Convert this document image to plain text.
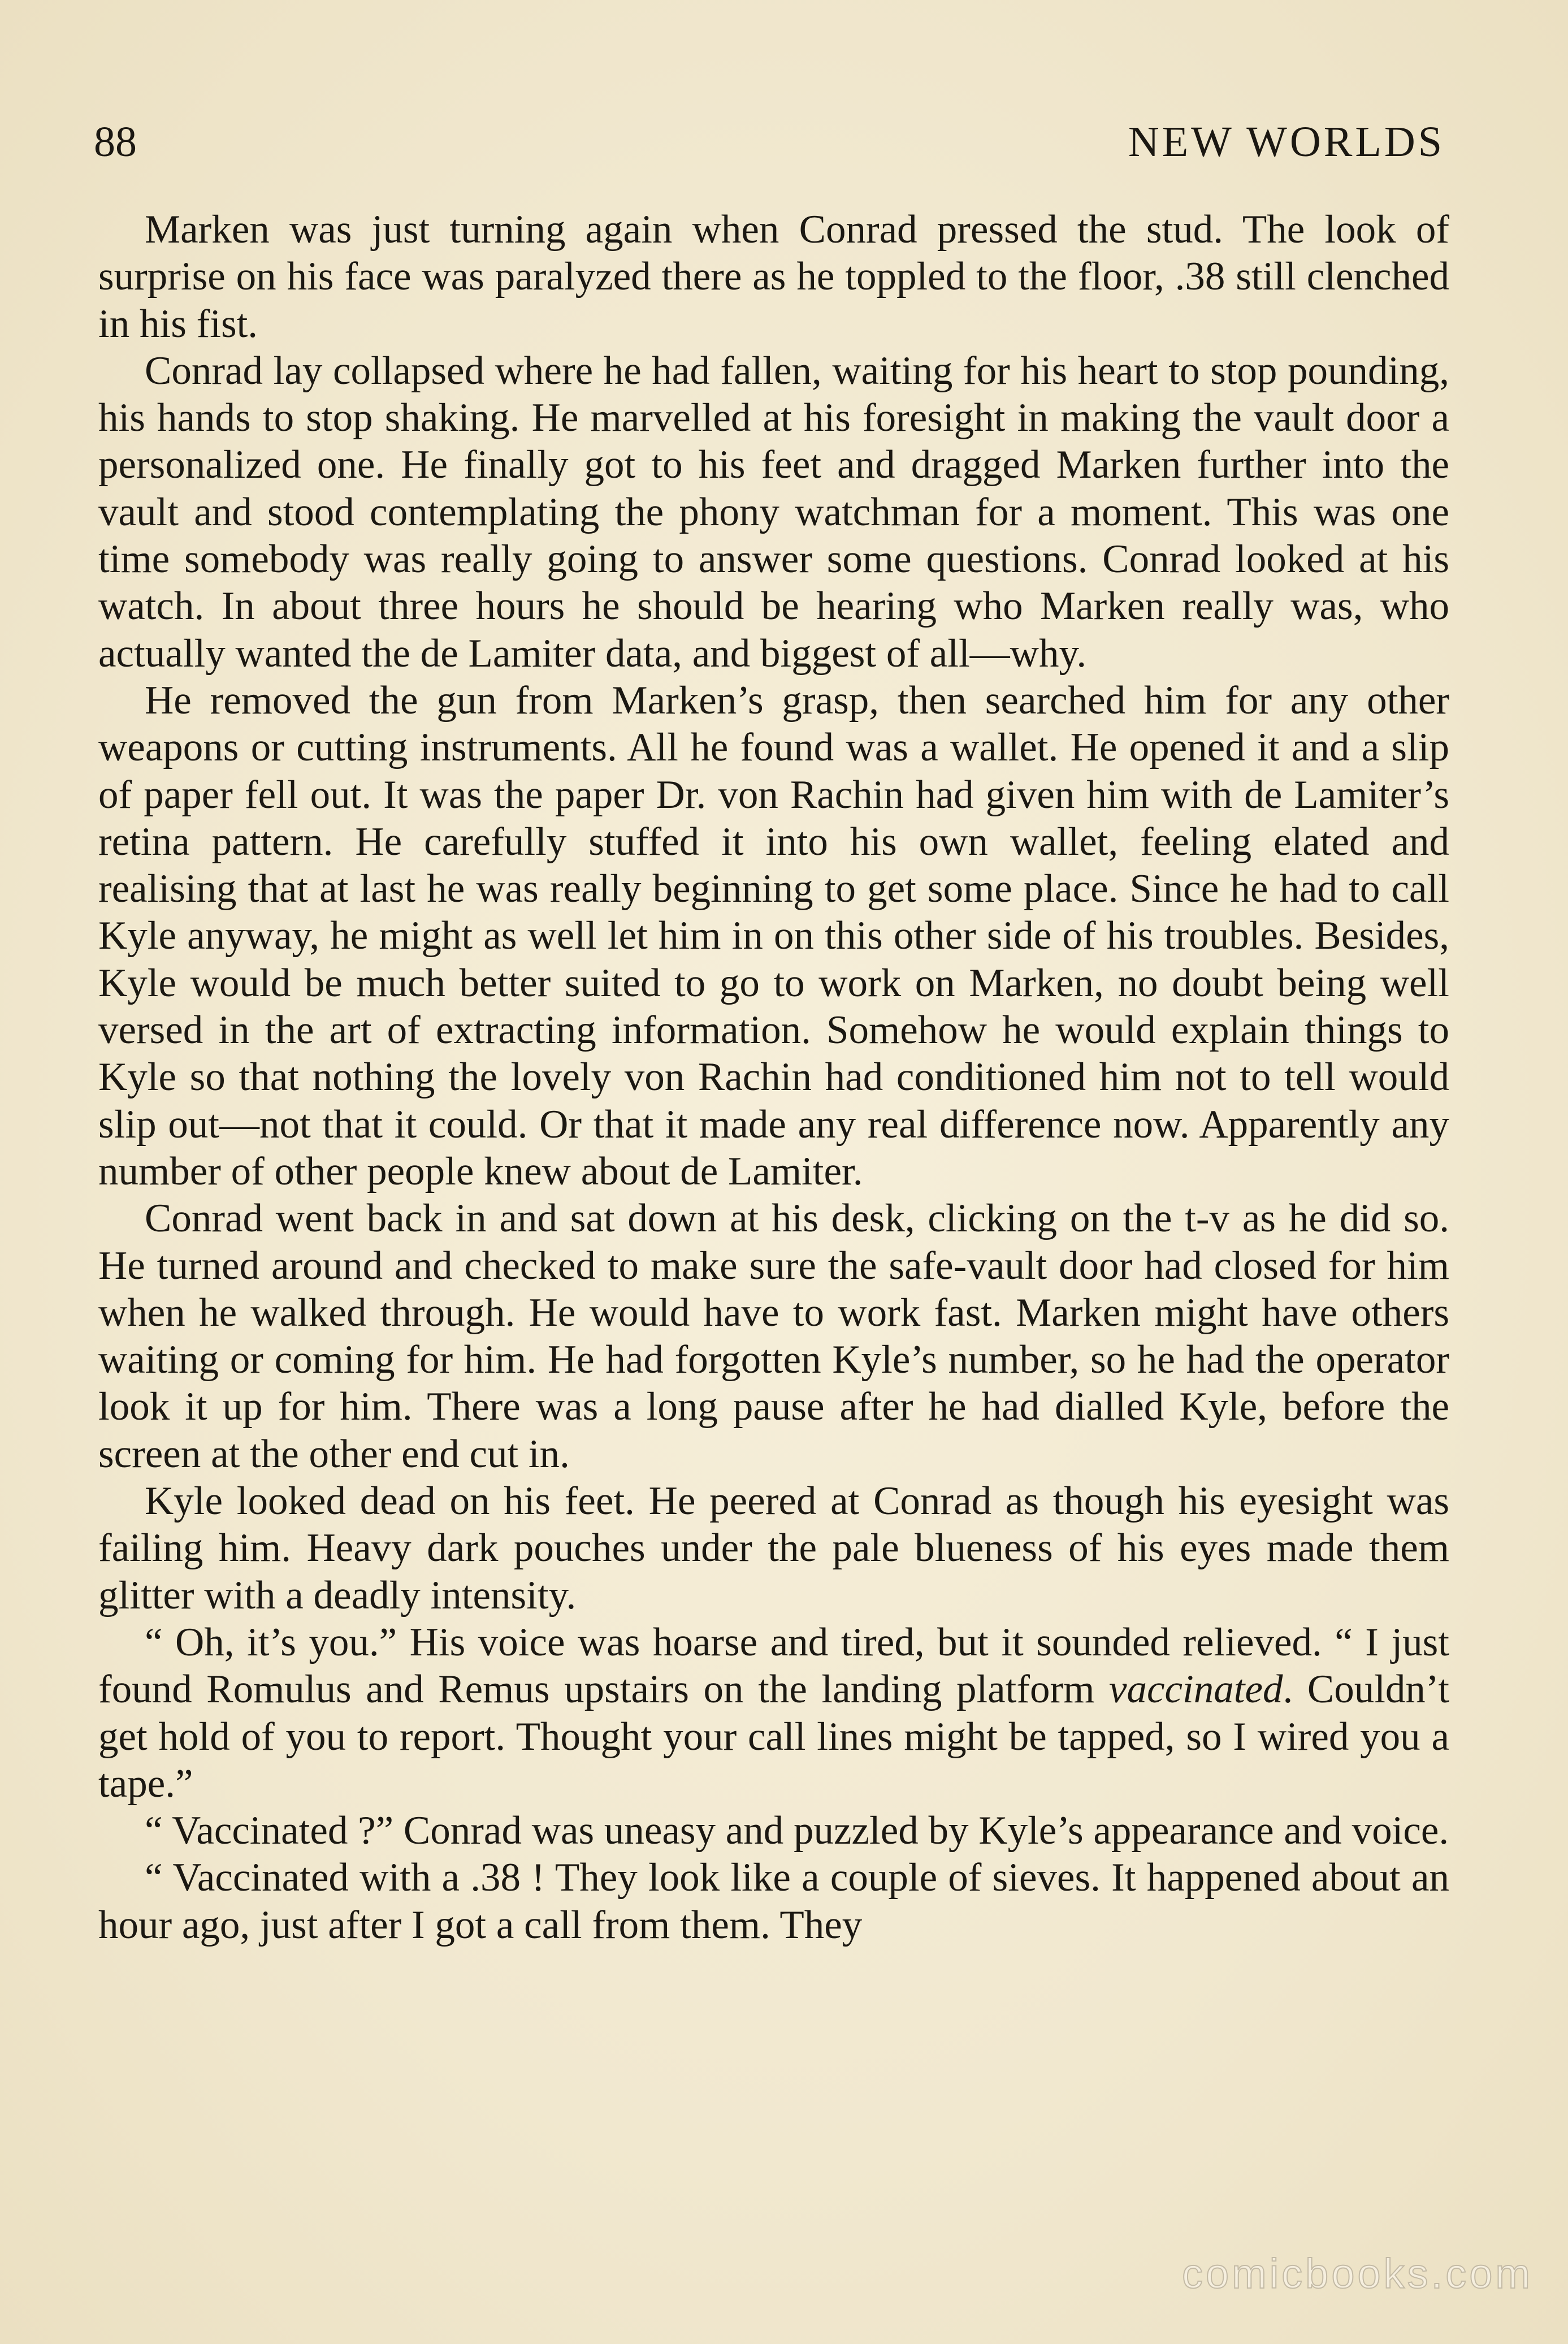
88	NEW WORLDS

Marken was just turning again when Conrad pressed the stud. The look of surprise on his face was paralyzed there as he toppled to the floor, .38 still clenched in his fist.

Conrad lay collapsed where he had fallen, waiting for his heart to stop pounding, his hands to stop shaking. He marvelled at his foresight in making the vault door a personalized one. He finally got to his feet and dragged Marken further into the vault and stood contemplating the phony watchman for a moment. This was one time somebody was really going to answer some questions. Conrad looked at his watch. In about three hours he should be hearing who Marken really was, who actually wanted the de Lamiter data, and biggest of all—why.

He removed the gun from Marken’s grasp, then searched him for any other weapons or cutting instruments. All he found was a wallet. He opened it and a slip of paper fell out. It was the paper Dr. von Rachin had given him with de Lamiter’s retina pattern. He carefully stuffed it into his own wallet, feeling elated and realising that at last he was really beginning to get some place. Since he had to call Kyle anyway, he might as well let him in on this other side of his troubles. Besides, Kyle would be much better suited to go to work on Marken, no doubt being well versed in the art of extracting information. Somehow he would explain things to Kyle so that nothing the lovely von Rachin had conditioned him not to tell would slip out—not that it could. Or that it made any real difference now. Apparently any number of other people knew about de Lamiter.

Conrad went back in and sat down at his desk, clicking on the t-v as he did so. He turned around and checked to make sure the safe-vault door had closed for him when he walked through. He would have to work fast. Marken might have others waiting or coming for him. He had forgotten Kyle’s number, so he had the operator look it up for him. There was a long pause after he had dialled Kyle, before the screen at the other end cut in.

Kyle looked dead on his feet. He peered at Conrad as though his eyesight was failing him. Heavy dark pouches under the pale blueness of his eyes made them glitter with a deadly intensity.

“ Oh, it’s you.” His voice was hoarse and tired, but it sounded relieved. “ I just found Romulus and Remus upstairs on the landing platform vaccinated. Couldn’t get hold of you to report. Thought your call lines might be tapped, so I wired you a tape.”

“ Vaccinated ?” Conrad was uneasy and puzzled by Kyle’s appearance and voice.

“ Vaccinated with a .38 ! They look like a couple of sieves. It happened about an hour ago, just after I got a call from them. They

comicbooks.com
